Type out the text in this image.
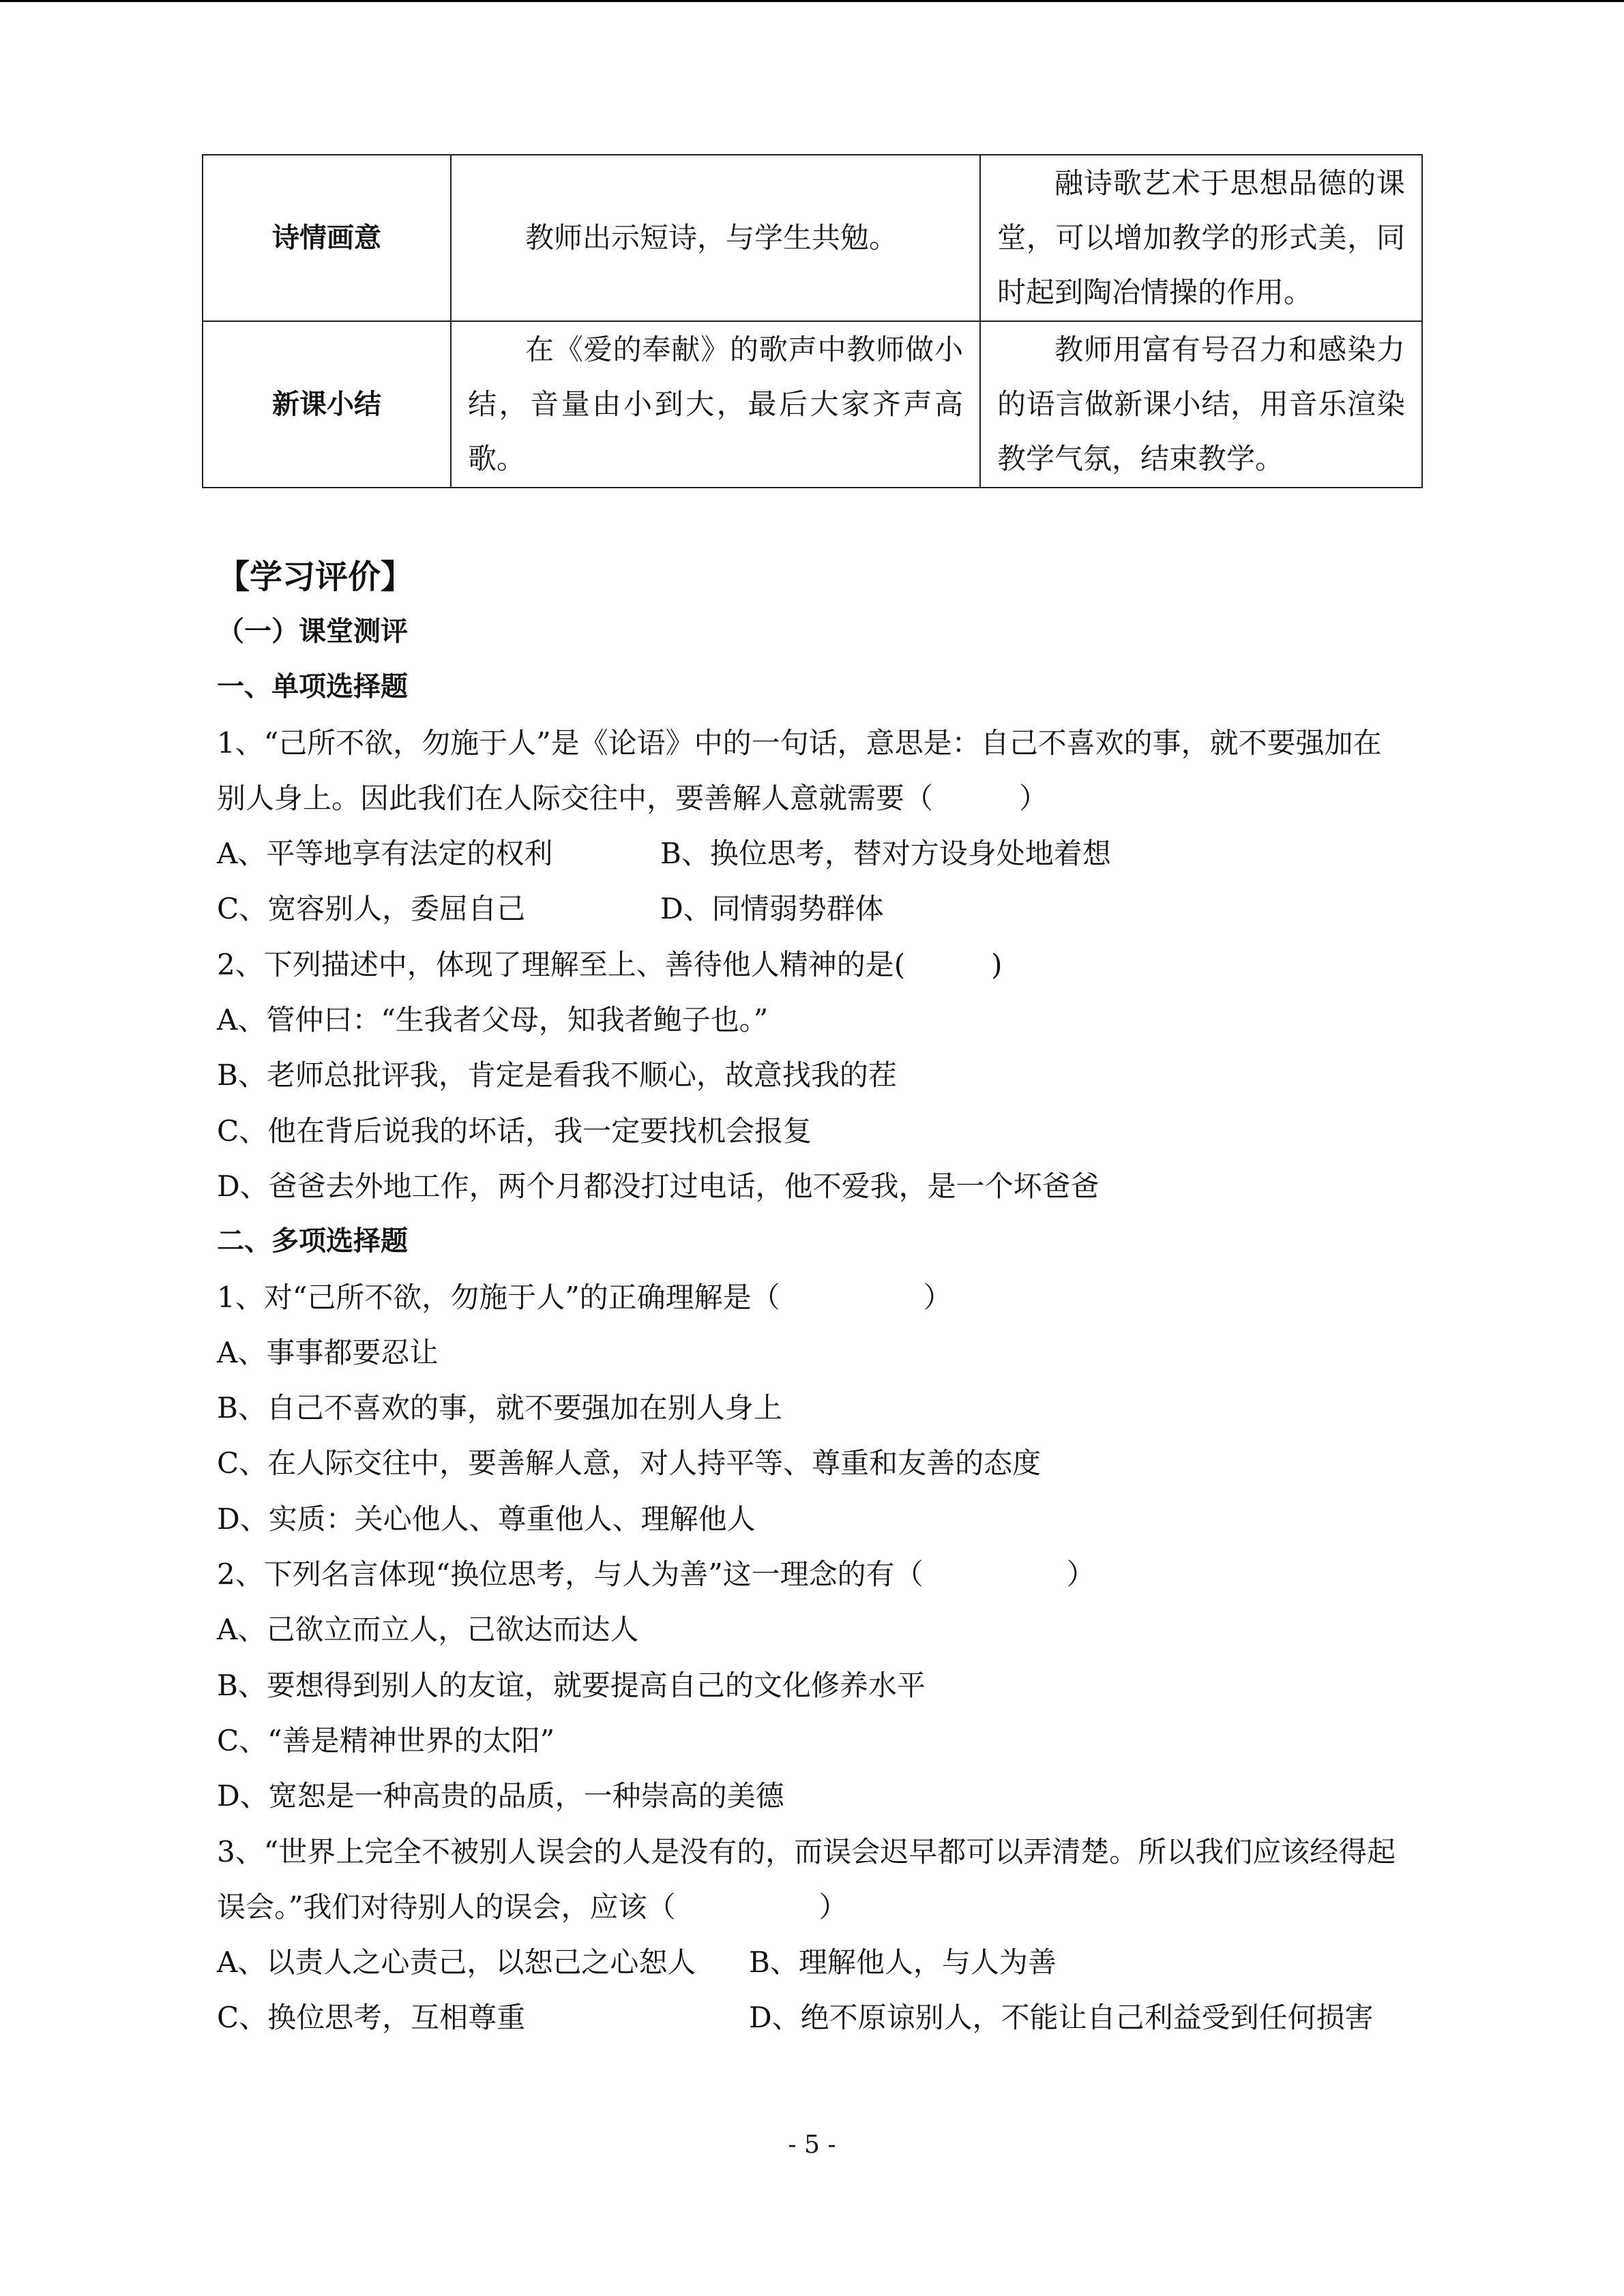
诗情画意	教师出示短诗，与学生共勉。	融诗歌艺术于思想品德的课堂，可以增加教学的形式美，同时起到陶冶情操的作用。

新课小结	在《爱的奉献》的歌声中教师做小结，音量由小到大，最后大家齐声高歌。	教师用富有号召力和感染力的语言做新课小结，用音乐渲染教学气氛，结束教学。

【学习评价】

（一）课堂测评

一、单项选择题

1、“己所不欲，勿施于人”是《论语》中的一句话，意思是：自己不喜欢的事，就不要强加在

别人身上。因此我们在人际交往中，要善解人意就需要（　　　）

A、平等地享有法定的权利	B、换位思考，替对方设身处地着想

C、宽容别人，委屈自己	D、同情弱势群体

2、下列描述中，体现了理解至上、善待他人精神的是(　　　)

A、管仲曰：“生我者父母，知我者鲍子也。”

B、老师总批评我，肯定是看我不顺心，故意找我的茬

C、他在背后说我的坏话，我一定要找机会报复

D、爸爸去外地工作，两个月都没打过电话，他不爱我，是一个坏爸爸

二、多项选择题

1、对“己所不欲，勿施于人”的正确理解是（　　　　　）

A、事事都要忍让

B、自己不喜欢的事，就不要强加在别人身上

C、在人际交往中，要善解人意，对人持平等、尊重和友善的态度

D、实质：关心他人、尊重他人、理解他人

2、下列名言体现“换位思考，与人为善”这一理念的有（　　　　　）

A、己欲立而立人，己欲达而达人

B、要想得到别人的友谊，就要提高自己的文化修养水平

C、“善是精神世界的太阳”

D、宽恕是一种高贵的品质，一种崇高的美德

3、“世界上完全不被别人误会的人是没有的，而误会迟早都可以弄清楚。所以我们应该经得起

误会。”我们对待别人的误会，应该（　　　　　）

A、以责人之心责己，以恕己之心恕人	B、理解他人，与人为善

C、换位思考，互相尊重	D、绝不原谅别人，不能让自己利益受到任何损害

- 5 -
